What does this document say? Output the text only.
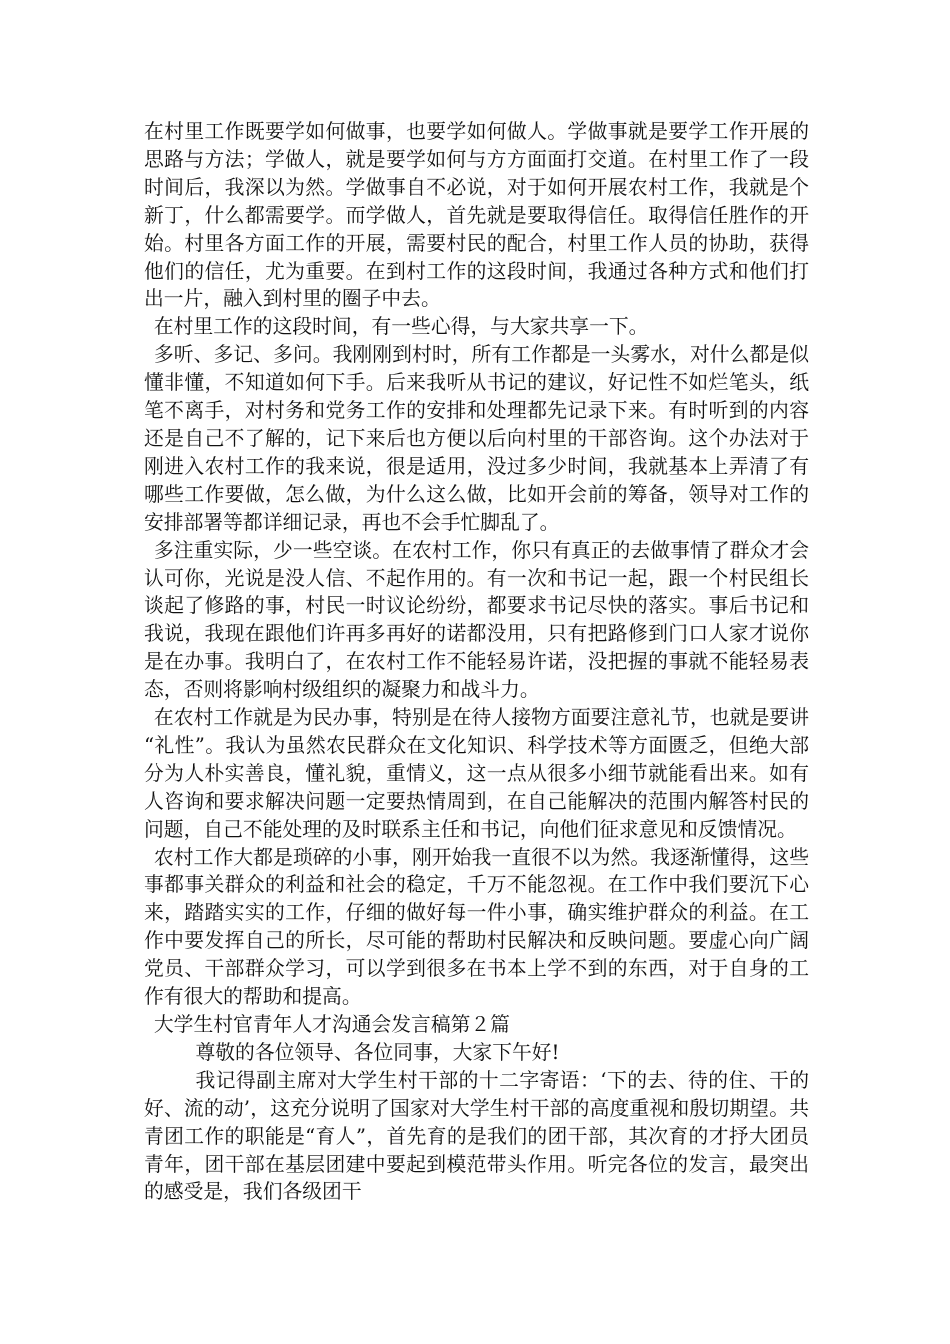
在村里工作既要学如何做事，也要学如何做人。学做事就是要学工作开展的思路与方法；学做人，就是要学如何与方方面面打交道。在村里工作了一段时间后，我深以为然。学做事自不必说，对于如何开展农村工作，我就是个新丁，什么都需要学。而学做人，首先就是要取得信任。取得信任胜作的开始。村里各方面工作的开展，需要村民的配合，村里工作人员的协助，获得他们的信任，尤为重要。在到村工作的这段时间，我通过各种方式和他们打出一片，融入到村里的圈子中去。

在村里工作的这段时间，有一些心得，与大家共享一下。

多听、多记、多问。我刚刚到村时，所有工作都是一头雾水，对什么都是似懂非懂，不知道如何下手。后来我听从书记的建议，好记性不如烂笔头，纸笔不离手，对村务和党务工作的安排和处理都先记录下来。有时听到的内容还是自己不了解的，记下来后也方便以后向村里的干部咨询。这个办法对于刚进入农村工作的我来说，很是适用，没过多少时间，我就基本上弄清了有哪些工作要做，怎么做，为什么这么做，比如开会前的筹备，领导对工作的安排部署等都详细记录，再也不会手忙脚乱了。

多注重实际，少一些空谈。在农村工作，你只有真正的去做事情了群众才会认可你，光说是没人信、不起作用的。有一次和书记一起，跟一个村民组长谈起了修路的事，村民一时议论纷纷，都要求书记尽快的落实。事后书记和我说，我现在跟他们许再多再好的诺都没用，只有把路修到门口人家才说你是在办事。我明白了，在农村工作不能轻易许诺，没把握的事就不能轻易表态，否则将影响村级组织的凝聚力和战斗力。

在农村工作就是为民办事，特别是在待人接物方面要注意礼节，也就是要讲“礼性”。我认为虽然农民群众在文化知识、科学技术等方面匮乏，但绝大部分为人朴实善良，懂礼貌，重情义，这一点从很多小细节就能看出来。如有人咨询和要求解决问题一定要热情周到，在自己能解决的范围内解答村民的问题，自己不能处理的及时联系主任和书记，向他们征求意见和反馈情况。

农村工作大都是琐碎的小事，刚开始我一直很不以为然。我逐渐懂得，这些事都事关群众的利益和社会的稳定，千万不能忽视。在工作中我们要沉下心来，踏踏实实的工作，仔细的做好每一件小事，确实维护群众的利益。在工作中要发挥自己的所长，尽可能的帮助村民解决和反映问题。要虚心向广阔党员、干部群众学习，可以学到很多在书本上学不到的东西，对于自身的工作有很大的帮助和提高。

大学生村官青年人才沟通会发言稿第２篇

尊敬的各位领导、各位同事，大家下午好!

我记得副主席对大学生村干部的十二字寄语：‘下的去、待的住、干的好、流的动’，这充分说明了国家对大学生村干部的高度重视和殷切期望。共青团工作的职能是“育人”，首先育的是我们的团干部，其次育的才抒大团员青年，团干部在基层团建中要起到模范带头作用。听完各位的发言，最突出的感受是，我们各级团干
